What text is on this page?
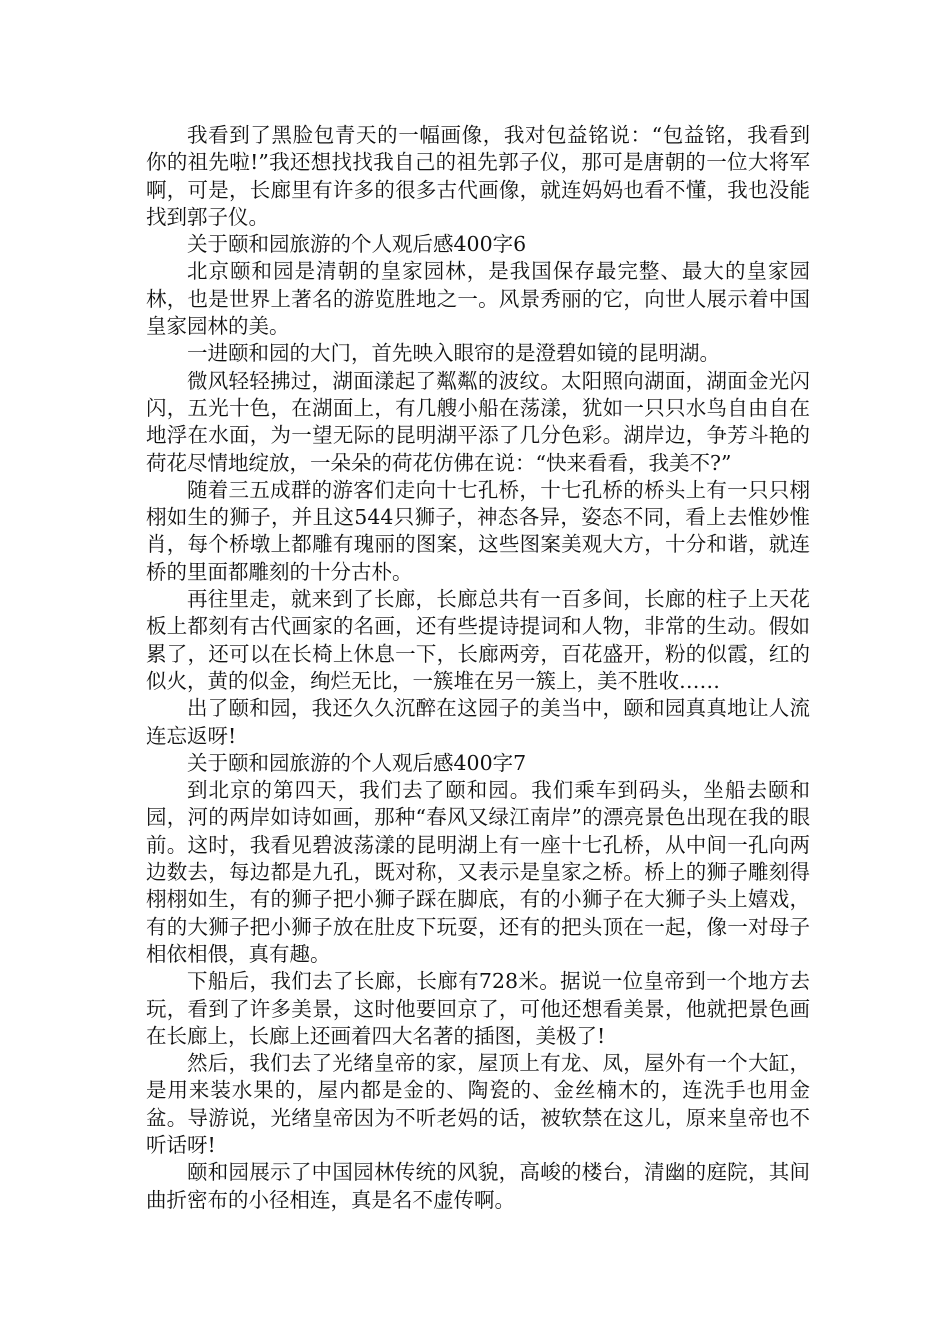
我看到了黑脸包青天的一幅画像，我对包益铭说：“包益铭，我看到你的祖先啦!”我还想找找我自己的祖先郭子仪，那可是唐朝的一位大将军啊，可是，长廊里有许多的很多古代画像，就连妈妈也看不懂，我也没能找到郭子仪。

关于颐和园旅游的个人观后感400字6

北京颐和园是清朝的皇家园林，是我国保存最完整、最大的皇家园林，也是世界上著名的游览胜地之一。风景秀丽的它，向世人展示着中国皇家园林的美。

一进颐和园的大门，首先映入眼帘的是澄碧如镜的昆明湖。

微风轻轻拂过，湖面漾起了粼粼的波纹。太阳照向湖面，湖面金光闪闪，五光十色，在湖面上，有几艘小船在荡漾，犹如一只只水鸟自由自在地浮在水面，为一望无际的昆明湖平添了几分色彩。湖岸边，争芳斗艳的荷花尽情地绽放，一朵朵的荷花仿佛在说：“快来看看，我美不?”

随着三五成群的游客们走向十七孔桥，十七孔桥的桥头上有一只只栩栩如生的狮子，并且这544只狮子，神态各异，姿态不同，看上去惟妙惟肖，每个桥墩上都雕有瑰丽的图案，这些图案美观大方，十分和谐，就连桥的里面都雕刻的十分古朴。

再往里走，就来到了长廊，长廊总共有一百多间，长廊的柱子上天花板上都刻有古代画家的名画，还有些提诗提词和人物，非常的生动。假如累了，还可以在长椅上休息一下，长廊两旁，百花盛开，粉的似霞，红的似火，黄的似金，绚烂无比，一簇堆在另一簇上，美不胜收……

出了颐和园，我还久久沉醉在这园子的美当中，颐和园真真地让人流连忘返呀!

关于颐和园旅游的个人观后感400字7

到北京的第四天，我们去了颐和园。我们乘车到码头，坐船去颐和园，河的两岸如诗如画，那种“春风又绿江南岸”的漂亮景色出现在我的眼前。这时，我看见碧波荡漾的昆明湖上有一座十七孔桥，从中间一孔向两边数去，每边都是九孔，既对称，又表示是皇家之桥。桥上的狮子雕刻得栩栩如生，有的狮子把小狮子踩在脚底，有的小狮子在大狮子头上嬉戏，有的大狮子把小狮子放在肚皮下玩耍，还有的把头顶在一起，像一对母子相依相偎，真有趣。

下船后，我们去了长廊，长廊有728米。据说一位皇帝到一个地方去玩，看到了许多美景，这时他要回京了，可他还想看美景，他就把景色画在长廊上，长廊上还画着四大名著的插图，美极了!

然后，我们去了光绪皇帝的家，屋顶上有龙、凤，屋外有一个大缸，是用来装水果的，屋内都是金的、陶瓷的、金丝楠木的，连洗手也用金盆。导游说，光绪皇帝因为不听老妈的话，被软禁在这儿，原来皇帝也不听话呀!

颐和园展示了中国园林传统的风貌，高峻的楼台，清幽的庭院，其间曲折密布的小径相连，真是名不虚传啊。
